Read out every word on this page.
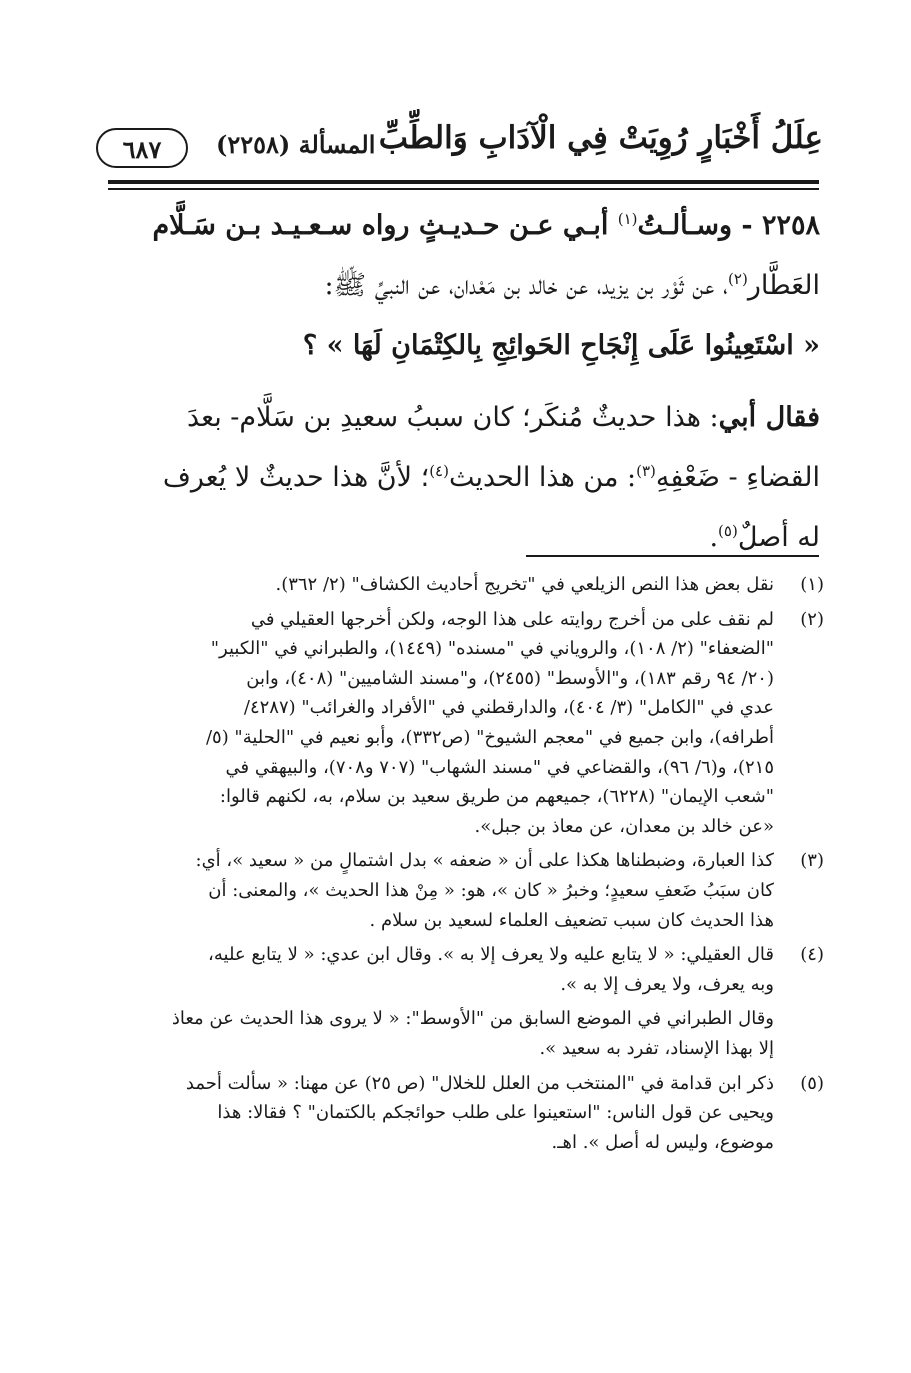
عِلَلُ أَخْبَارٍ رُوِيَتْ فِي الْآدَابِ وَالطِّبِّ
المسألة (٢٢٥٨)
٦٨٧

٢٢٥٨ - وسـألـتُ$^{(١)}$ أبـي عـن حـديـثٍ رواه سـعـيـد بـن سَـلَّام
العَطَّار$^{(٢)}$، عن ثَوْر بن يزيد، عن خالد بن مَعْدان، عن النبيِّ ﷺ:
« اسْتَعِينُوا عَلَى إِنْجَاحِ الحَوائِجِ بِالكِتْمَانِ لَهَا » ؟

فقال أبي: هذا حديثٌ مُنكَر؛ كان سببُ سعيدِ بن سَلَّام- بعدَ
القضاءِ - ضَعْفِهِ$^{(٣)}$: من هذا الحديث$^{(٤)}$؛ لأنَّ هذا حديثٌ لا يُعرف
له أصلٌ$^{(٥)}$.

(١)
نقل بعض هذا النص الزيلعي في "تخريج أحاديث الكشاف" (٢/ ٣٦٢).
(٢)
لم نقف على من أخرج روايته على هذا الوجه، ولكن أخرجها العقيلي في
"الضعفاء" (٢/ ١٠٨)، والروياني في "مسنده" (١٤٤٩)، والطبراني في "الكبير"
(٢٠/ ٩٤ رقم ١٨٣)، و"الأوسط" (٢٤٥٥)، و"مسند الشاميين" (٤٠٨)، وابن
عدي في "الكامل" (٣/ ٤٠٤)، والدارقطني في "الأفراد والغرائب" (٤٢٨٧/
أطرافه)، وابن جميع في "معجم الشيوخ" (ص٣٣٢)، وأبو نعيم في "الحلية" (٥/
٢١٥)، و(٦/ ٩٦)، والقضاعي في "مسند الشهاب" (٧٠٧ و٧٠٨)، والبيهقي في
"شعب الإيمان" (٦٢٢٨)، جميعهم من طريق سعيد بن سلام، به، لكنهم قالوا:
«عن خالد بن معدان، عن معاذ بن جبل».
(٣)
كذا العبارة، وضبطناها هكذا على أن « ضعفه » بدل اشتمالٍ من « سعيد »، أي:
كان سبَبُ ضَعفِ سعيدٍ؛ وخبرُ « كان »، هو: « مِنْ هذا الحديث »، والمعنى: أن
هذا الحديث كان سبب تضعيف العلماء لسعيد بن سلام .
(٤)
قال العقيلي: « لا يتابع عليه ولا يعرف إلا به ». وقال ابن عدي: « لا يتابع عليه،
وبه يعرف، ولا يعرف إلا به ».
وقال الطبراني في الموضع السابق من "الأوسط": « لا يروى هذا الحديث عن معاذ
إلا بهذا الإسناد، تفرد به سعيد ».
(٥)
ذكر ابن قدامة في "المنتخب من العلل للخلال" (ص ٢٥) عن مهنا: « سألت أحمد
ويحيى عن قول الناس: "استعينوا على طلب حوائجكم بالكتمان" ؟ فقالا: هذا
موضوع، وليس له أصل ». اهـ.
